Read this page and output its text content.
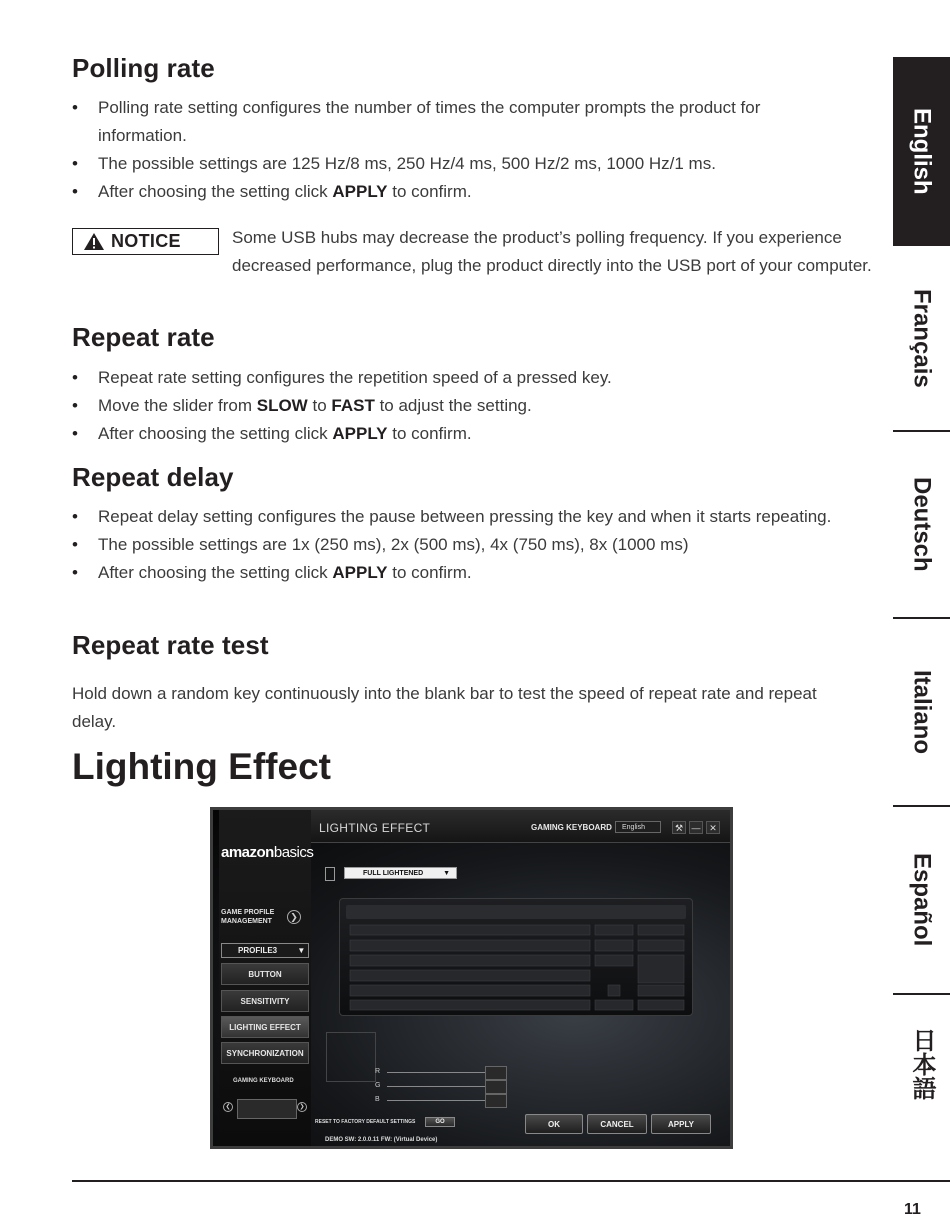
Polling rate
• Polling rate setting configures the number of times the computer prompts the product for information.
• The possible settings are 125 Hz/8 ms, 250 Hz/4 ms, 500 Hz/2 ms, 1000 Hz/1 ms.
• After choosing the setting click APPLY to confirm.
NOTICE	Some USB hubs may decrease the product’s polling frequency. If you experience decreased performance, plug the product directly into the USB port of your computer.

Repeat rate
• Repeat rate setting configures the repetition speed of a pressed key.
• Move the slider from SLOW to FAST to adjust the setting.
• After choosing the setting click APPLY to confirm.
Repeat delay
• Repeat delay setting configures the pause between pressing the key and when it starts repeating.
• The possible settings are 1x (250 ms), 2x (500 ms), 4x (750 ms), 8x (1000 ms)
• After choosing the setting click APPLY to confirm.
Repeat rate test

Hold down a random key continuously into the blank bar to test the speed of repeat rate and repeat delay.

Lighting Effect
LIGHTING EFFECT	GAMING KEYBOARD	English	⚒ — ✕
amazonbasics
GAME PROFILE
MANAGEMENT	❯
PROFILE3	▼
BUTTON
SENSITIVITY
LIGHTING EFFECT
SYNCHRONIZATION
GAMING KEYBOARD
❮	❯
FULL LIGHTENED	▼
R
G
B
RESET TO FACTORY DEFAULT SETTINGS	GO	OK	CANCEL	APPLY
DEMO SW: 2.0.0.11 FW: (Virtual Device)
English
Français
Deutsch
Italiano
Español
日本語
11
